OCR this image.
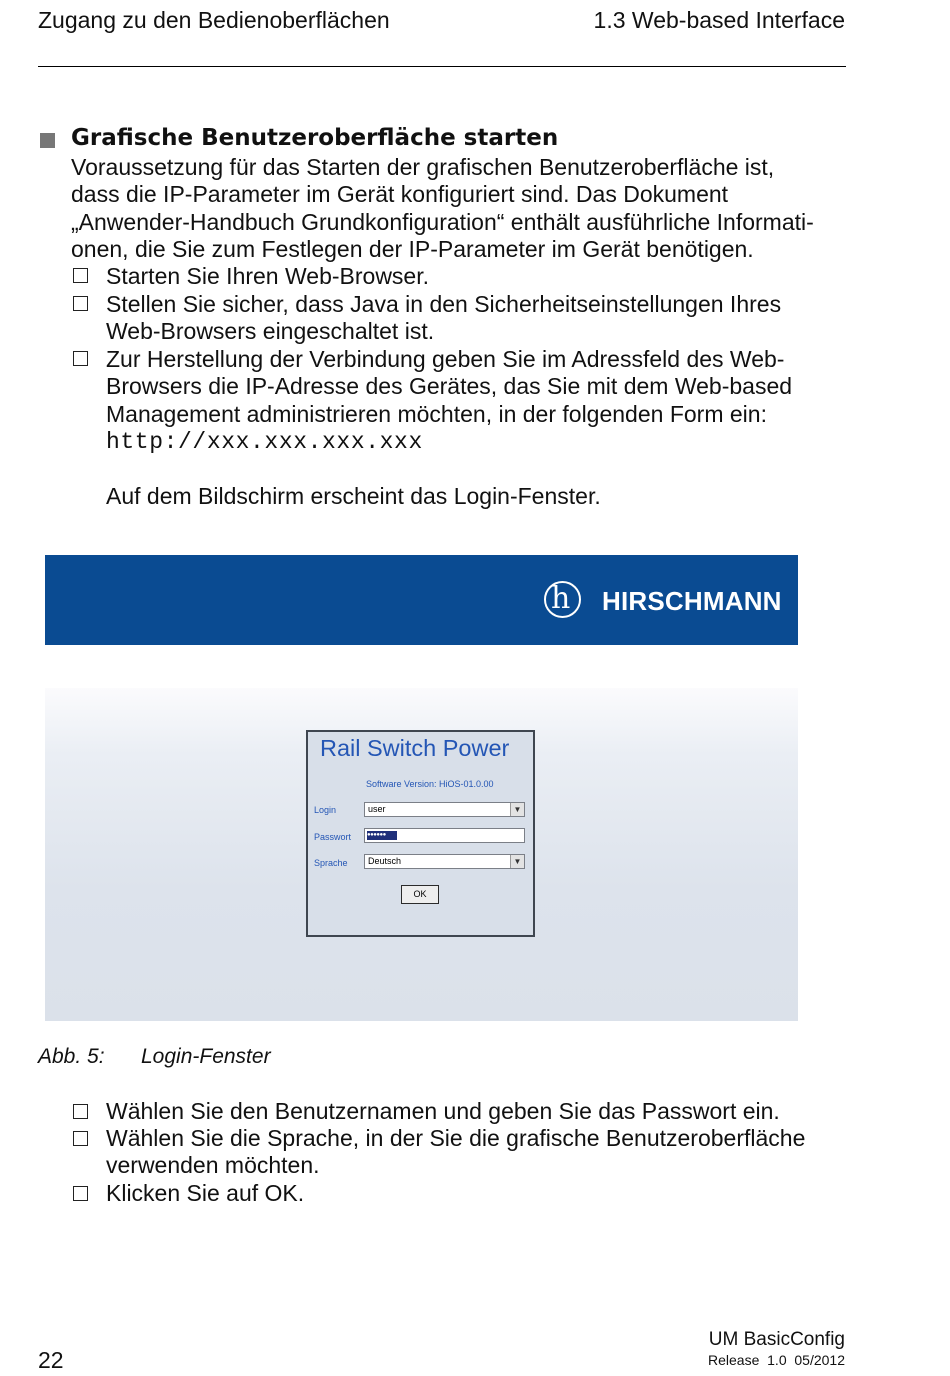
Zugang zu den Bedienoberflächen	1.3 Web-based Interface
Grafische Benutzeroberfläche starten
Voraussetzung für das Starten der grafischen Benutzeroberfläche ist,
dass die IP-Parameter im Gerät konfiguriert sind. Das Dokument
„Anwender-Handbuch Grundkonfiguration“ enthält ausführliche Informati-
onen, die Sie zum Festlegen der IP-Parameter im Gerät benötigen.
Starten Sie Ihren Web-Browser.
Stellen Sie sicher, dass Java in den Sicherheitseinstellungen Ihres
Web-Browsers eingeschaltet ist.
Zur Herstellung der Verbindung geben Sie im Adressfeld des Web-
Browsers die IP-Adresse des Gerätes, das Sie mit dem Web-based
Management administrieren möchten, in der folgenden Form ein:
http://xxx.xxx.xxx.xxx
Auf dem Bildschirm erscheint das Login-Fenster.
h HIRSCHMANN
Rail Switch Power
Software Version: HiOS-01.0.00
Login	user	▼
Passwort	●●●●●●
Sprache	Deutsch	▼
OK
Abb. 5: Login-Fenster
Wählen Sie den Benutzernamen und geben Sie das Passwort ein.
Wählen Sie die Sprache, in der Sie die grafische Benutzeroberfläche
verwenden möchten.
Klicken Sie auf OK.
22
UM BasicConfig
Release  1.0  05/2012
